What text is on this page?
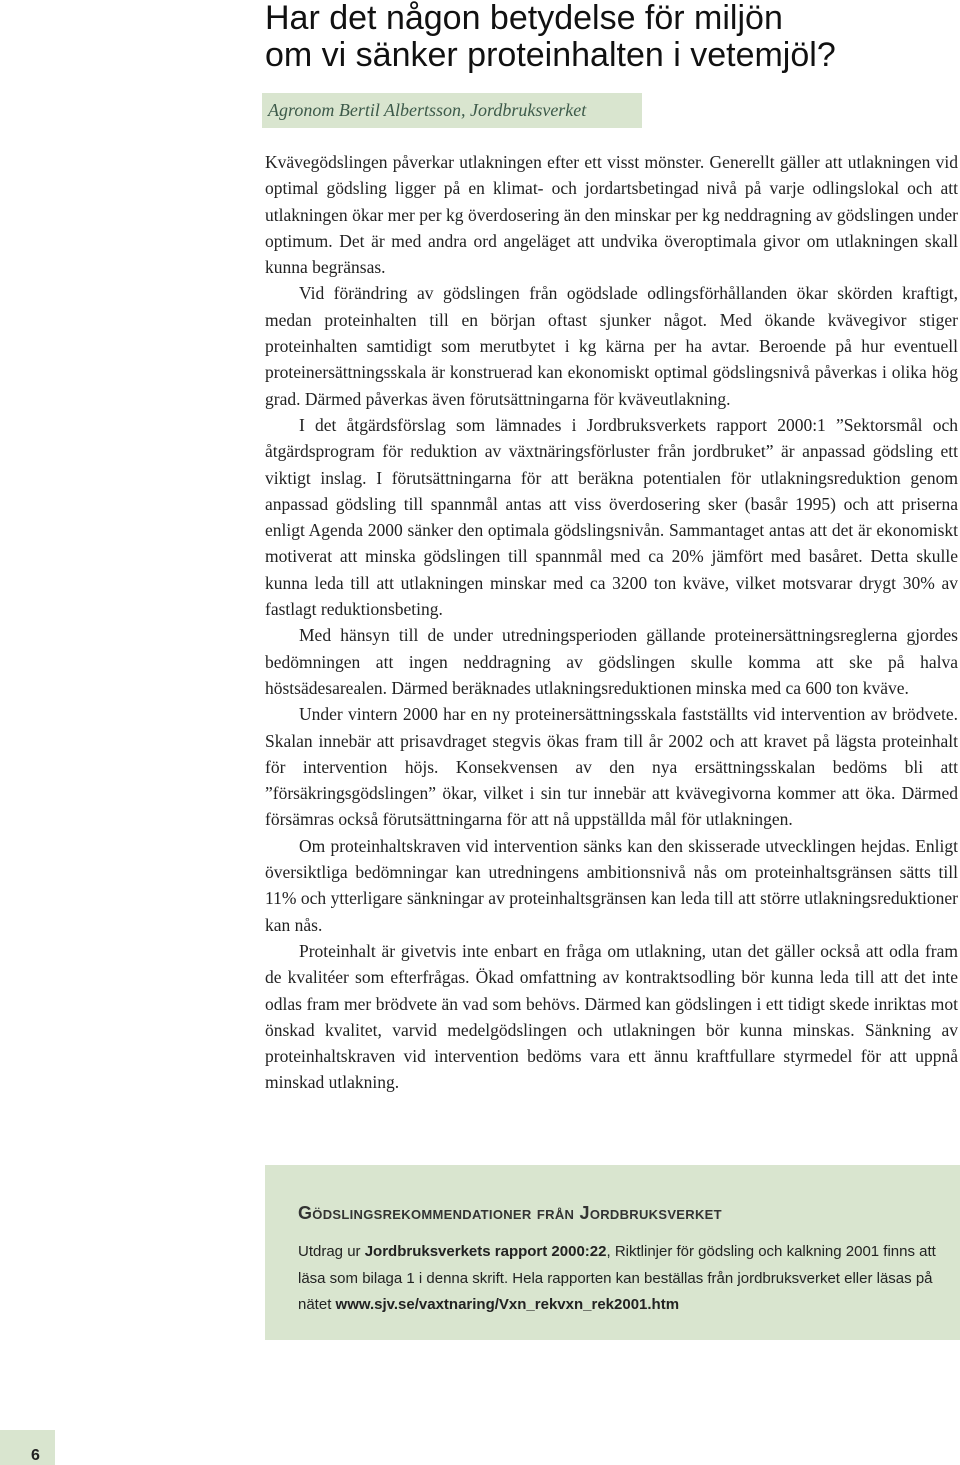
Har det någon betydelse för miljön
om vi sänker proteinhalten i vetemjöl?

Agronom Bertil Albertsson, Jordbruksverket

Kvävegödslingen påverkar utlakningen efter ett visst mönster. Generellt gäller att utlakningen vid optimal gödsling ligger på en klimat- och jordartsbetingad nivå på varje odlingslokal och att utlakningen ökar mer per kg överdosering än den minskar per kg neddragning av gödslingen under optimum. Det är med andra ord angeläget att undvika överoptimala givor om utlakningen skall kunna begränsas.

Vid förändring av gödslingen från ogödslade odlingsförhållanden ökar skörden kraftigt, medan proteinhalten till en början oftast sjunker något. Med ökande kvävegivor stiger proteinhalten samtidigt som merutbytet i kg kärna per ha avtar. Beroende på hur eventuell proteinersättningsskala är konstruerad kan ekonomiskt optimal gödslingsnivå påverkas i olika hög grad. Därmed påverkas även förutsättningarna för kväveutlakning.

I det åtgärdsförslag som lämnades i Jordbruksverkets rapport 2000:1 ”Sektorsmål och åtgärdsprogram för reduktion av växtnäringsförluster från jordbruket” är anpassad gödsling ett viktigt inslag. I förutsättningarna för att beräkna potentialen för utlakningsreduktion genom anpassad gödsling till spannmål antas att viss överdosering sker (basår 1995) och att priserna enligt Agenda 2000 sänker den optimala gödslingsnivån. Sammantaget antas att det är ekonomiskt motiverat att minska gödslingen till spannmål med ca 20% jämfört med basåret. Detta skulle kunna leda till att utlakningen minskar med ca 3200 ton kväve, vilket motsvarar drygt 30% av fastlagt reduktionsbeting.

Med hänsyn till de under utredningsperioden gällande proteinersättningsreglerna gjordes bedömningen att ingen neddragning av gödslingen skulle komma att ske på halva höstsädesarealen. Därmed beräknades utlakningsreduktionen minska med ca 600 ton kväve.

Under vintern 2000 har en ny proteinersättningsskala fastställts vid intervention av brödvete. Skalan innebär att prisavdraget stegvis ökas fram till år 2002 och att kravet på lägsta proteinhalt för intervention höjs. Konsekvensen av den nya ersättningsskalan bedöms bli att ”försäkringsgödslingen” ökar, vilket i sin tur innebär att kvävegivorna kommer att öka. Därmed försämras också förutsättningarna för att nå uppställda mål för utlakningen.

Om proteinhaltskraven vid intervention sänks kan den skisserade utvecklingen hejdas. Enligt översiktliga bedömningar kan utredningens ambitionsnivå nås om proteinhaltsgränsen sätts till 11% och ytterligare sänkningar av proteinhaltsgränsen kan leda till att större utlakningsreduktioner kan nås.

Proteinhalt är givetvis inte enbart en fråga om utlakning, utan det gäller också att odla fram de kvalitéer som efterfrågas. Ökad omfattning av kontraktsodling bör kunna leda till att det inte odlas fram mer brödvete än vad som behövs. Därmed kan gödslingen i ett tidigt skede inriktas mot önskad kvalitet, varvid medelgödslingen och utlakningen bör kunna minskas. Sänkning av proteinhaltskraven vid intervention bedöms vara ett ännu kraftfullare styrmedel för att uppnå minskad utlakning.

Gödslingsrekommendationer från Jordbruksverket

Utdrag ur Jordbruksverkets rapport 2000:22, Riktlinjer för gödsling och kalkning 2001 finns att läsa som bilaga 1 i denna skrift. Hela rapporten kan beställas från jordbruksverket eller läsas på nätet www.sjv.se/vaxtnaring/Vxn_rekvxn_rek2001.htm

6
